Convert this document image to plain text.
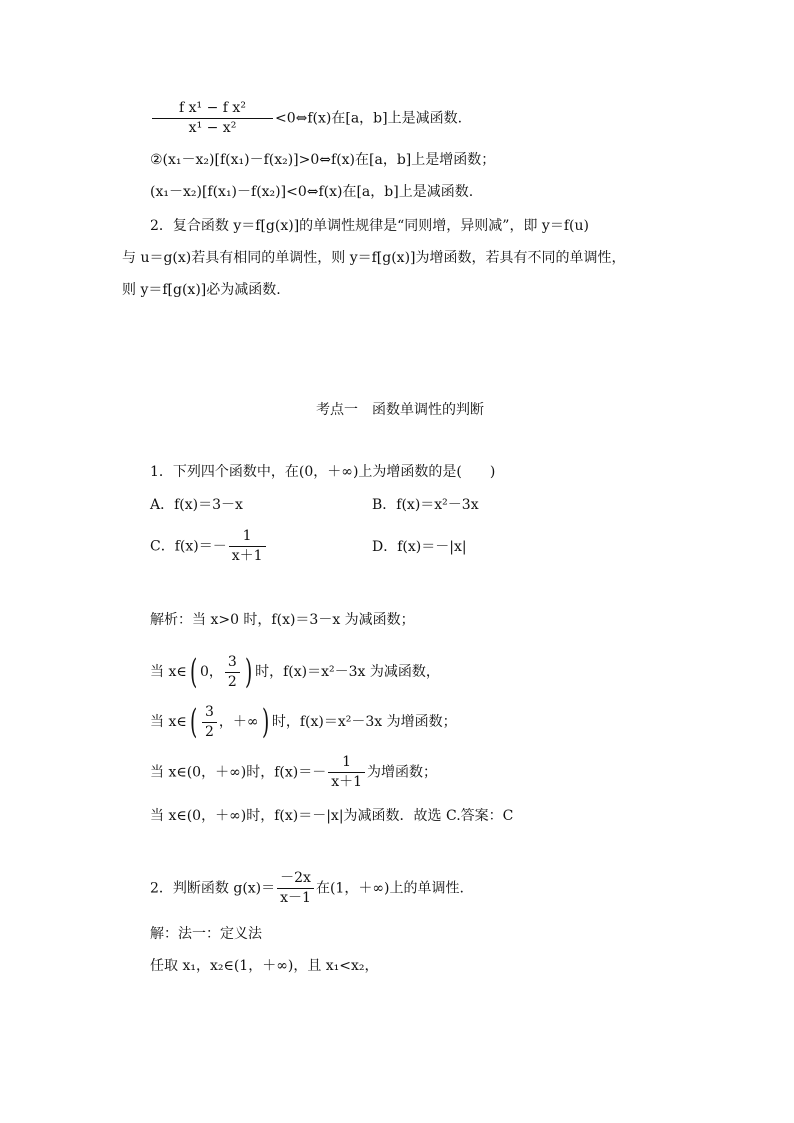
$\frac{\text{f x¹ − f x²}}{\text{x¹ − x²}}$ <0⇔f(x)在[a，b]上是减函数.
②(x₁－x₂)[f(x₁)－f(x₂)]>0⇔f(x)在[a，b]上是增函数；
(x₁－x₂)[f(x₁)－f(x₂)]<0⇔f(x)在[a，b]上是减函数.
2．复合函数 y＝f[g(x)]的单调性规律是“同则增，异则减”，即 y＝f(u)
与 u＝g(x)若具有相同的单调性，则 y＝f[g(x)]为增函数，若具有不同的单调性，
则 y＝f[g(x)]必为减函数.
考点一　函数单调性的判断
1．下列四个函数中，在(0，＋∞)上为增函数的是(　　)
A．f(x)＝3－x	B．f(x)＝x²－3x
C．$f(x)=- \frac{1}{x+1}$	D．f(x)＝－|x|
解析：当 x>0 时，f(x)＝3－x 为减函数；
当 x∈( 0， $\frac{3}{2}$ ) 时，f(x)＝x²－3x 为减函数，
当 x∈( $\frac{3}{2}$ ，＋∞) 时，f(x)＝x²－3x 为增函数；
当 x∈(0，＋∞)时，$f(x)=- \frac{1}{x+1}$ 为增函数；
当 x∈(0，＋∞)时，f(x)＝－|x|为减函数．故选 C.答案：C
2．判断函数 $g(x)= \frac{-2x}{x-1}$ 在(1，＋∞)上的单调性.
解：法一：定义法
任取 x₁，x₂∈(1，＋∞)，且 x₁<x₂，
